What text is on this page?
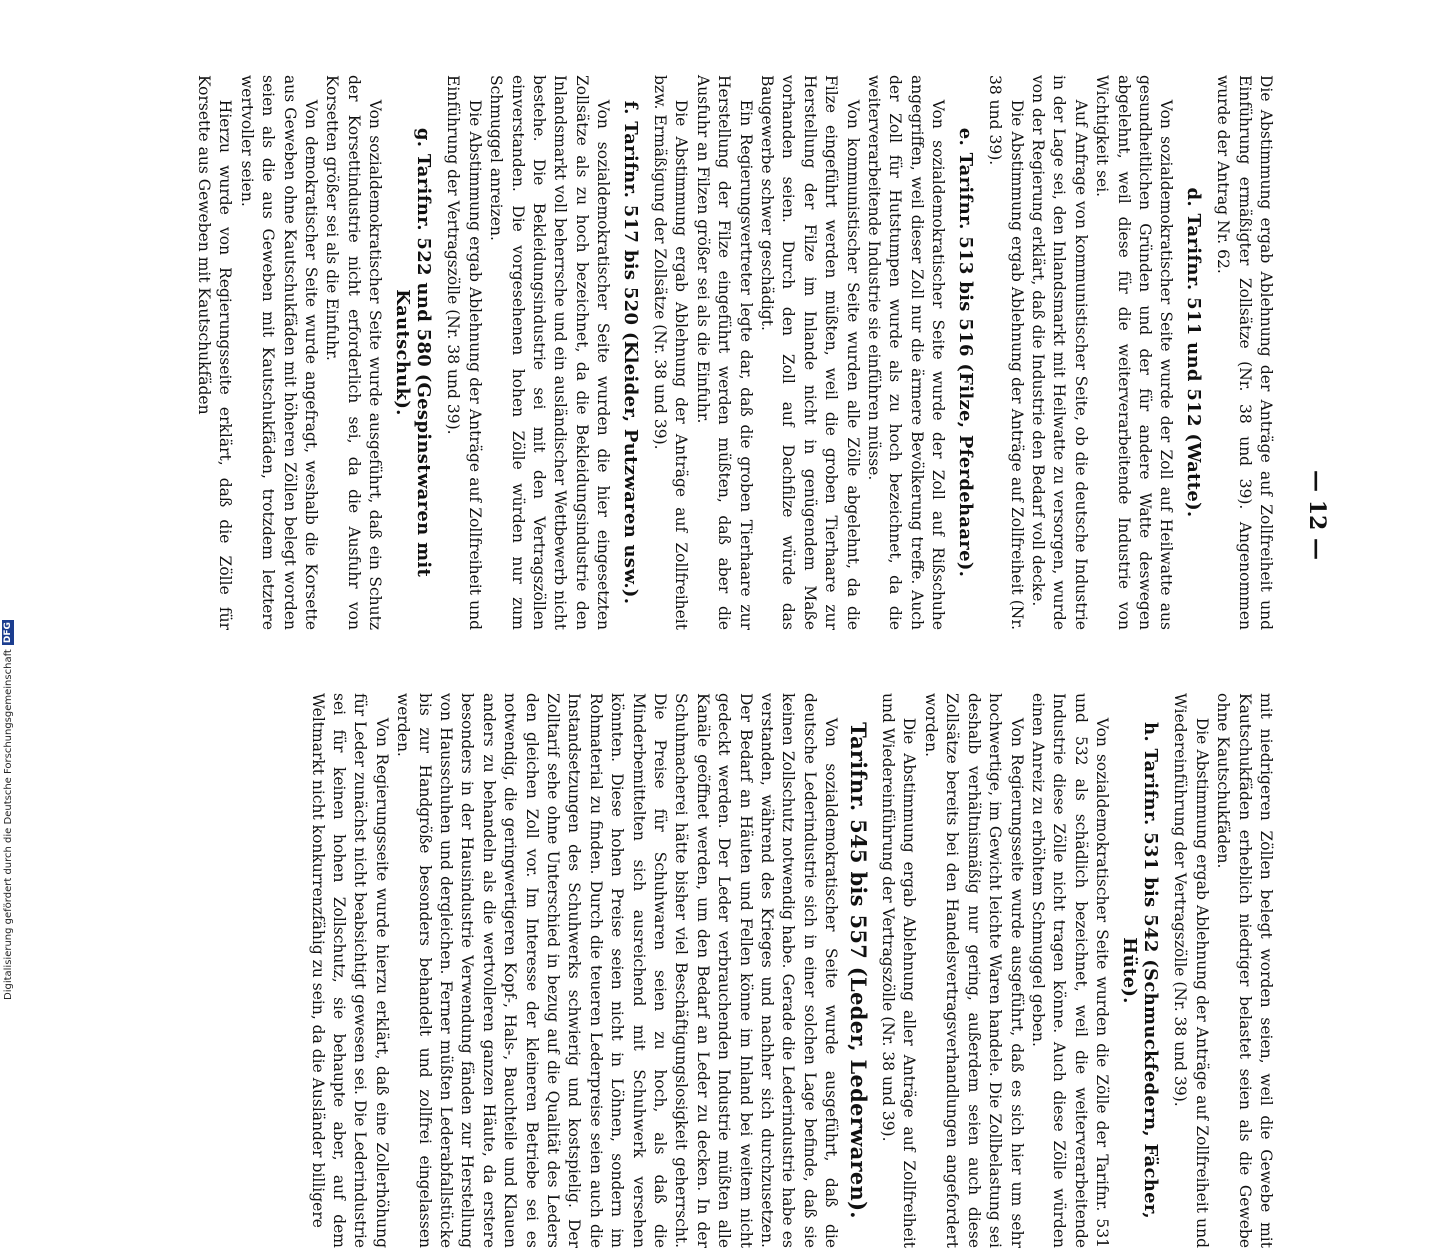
— 12 —

Die Abstimmung ergab Ablehnung der Anträge auf Zollfreiheit und Einführung ermäßigter Zollsätze (Nr. 38 und 39). Angenommen wurde der Antrag Nr. 62.

d. Tarifnr. 511 und 512 (Watte).

Von sozialdemokratischer Seite wurde der Zoll auf Heilwatte aus gesundheitlichen Gründen und der für andere Watte deswegen abgelehnt, weil diese für die weiterverarbeitende Industrie von Wichtigkeit sei.

Auf Anfrage von kommunistischer Seite, ob die deutsche Industrie in der Lage sei, den Inlandsmarkt mit Heilwatte zu versorgen, wurde von der Regierung erklärt, daß die Industrie den Bedarf voll decke.

Die Abstimmung ergab Ablehnung der Anträge auf Zollfreiheit (Nr. 38 und 39).

e. Tarifnr. 513 bis 516 (Filze, Pferdehaare).

Von sozialdemokratischer Seite wurde der Zoll auf Rißschuhe angegriffen, weil dieser Zoll nur die ärmere Bevölkerung treffe. Auch der Zoll für Hutstumpen wurde als zu hoch bezeichnet, da die weiterverarbeitende Industrie sie einführen müsse.

Von kommunistischer Seite wurden alle Zölle abgelehnt, da die Filze eingeführt werden müßten, weil die groben Tierhaare zur Herstellung der Filze im Inlande nicht in genügendem Maße vorhanden seien. Durch den Zoll auf Dachfilze würde das Baugewerbe schwer geschädigt.

Ein Regierungsvertreter legte dar, daß die groben Tierhaare zur Herstellung der Filze eingeführt werden müßten, daß aber die Ausfuhr an Filzen größer sei als die Einfuhr.

Die Abstimmung ergab Ablehnung der Anträge auf Zollfreiheit bzw. Ermäßigung der Zollsätze (Nr. 38 und 39).

f. Tarifnr. 517 bis 520 (Kleider, Putzwaren usw.).

Von sozialdemokratischer Seite wurden die hier eingesetzten Zollsätze als zu hoch bezeichnet, da die Bekleidungsindustrie den Inlandsmarkt voll beherrsche und ein ausländischer Wettbewerb nicht bestehe. Die Bekleidungsindustrie sei mit den Vertragszöllen einverstanden. Die vorgesehenen hohen Zölle würden nur zum Schmuggel anreizen.

Die Abstimmung ergab Ablehnung der Anträge auf Zollfreiheit und Einführung der Vertragszölle (Nr. 38 und 39).

g. Tarifnr. 522 und 580 (Gespinstwaren mit Kautschuk).

Von sozialdemokratischer Seite wurde ausgeführt, daß ein Schutz der Korsettindustrie nicht erforderlich sei, da die Ausfuhr von Korsetten größer sei als die Einfuhr.

Von demokratischer Seite wurde angefragt, weshalb die Korsette aus Geweben ohne Kautschukfäden mit höheren Zöllen belegt worden seien als die aus Geweben mit Kautschukfäden, trotzdem letztere wertvoller seien.

Hierzu wurde von Regierungsseite erklärt, daß die Zölle für Korsette aus Geweben mit Kautschukfäden

mit niedrigeren Zöllen belegt worden seien, weil die Gewebe mit Kautschukfäden erheblich niedriger belastet seien als die Gewebe ohne Kautschukfäden.

Die Abstimmung ergab Ablehnung der Anträge auf Zollfreiheit und Wiedereinführung der Vertragszölle (Nr. 38 und 39).

h. Tarifnr. 531 bis 542 (Schmuckfedern, Fächer, Hüte).

Von sozialdemokratischer Seite wurden die Zölle der Tarifnr. 531 und 532 als schädlich bezeichnet, weil die weiterverarbeitende Industrie diese Zölle nicht tragen könne. Auch diese Zölle würden einen Anreiz zu erhöhtem Schmuggel geben.

Von Regierungsseite wurde ausgeführt, daß es sich hier um sehr hochwertige, im Gewicht leichte Waren handele. Die Zollbelastung sei deshalb verhältnismäßig nur gering, außerdem seien auch diese Zollsätze bereits bei den Handelsvertragsverhandlungen angefordert worden.

Die Abstimmung ergab Ablehnung aller Anträge auf Zollfreiheit und Wiedereinführung der Vertragszölle (Nr. 38 und 39).

Tarifnr. 545 bis 557 (Leder, Lederwaren).

Von sozialdemokratischer Seite wurde ausgeführt, daß die deutsche Lederindustrie sich in einer solchen Lage befinde, daß sie keinen Zollschutz notwendig habe. Gerade die Lederindustrie habe es verstanden, während des Krieges und nachher sich durchzusetzen. Der Bedarf an Häuten und Fellen könne im Inland bei weitem nicht gedeckt werden. Der Leder verbrauchenden Industrie müßten alle Kanäle geöffnet werden, um den Bedarf an Leder zu decken. In der Schuhmacherei hätte bisher viel Beschäftigungslosigkeit geherrscht. Die Preise für Schuhwaren seien zu hoch, als daß die Minderbemittelten sich ausreichend mit Schuhwerk versehen könnten. Diese hohen Preise seien nicht in Löhnen, sondern im Rohmaterial zu finden. Durch die teueren Lederpreise seien auch die Instandsetzungen des Schuhwerks schwierig und kostspielig. Der Zolltarif sehe ohne Unterschied in bezug auf die Qualität des Leders den gleichen Zoll vor. Im Interesse der kleineren Betriebe sei es notwendig, die geringwertigeren Kopf-, Hals-, Bauchteile und Klauen anders zu behandeln als die wertvolleren ganzen Häute, da erstere besonders in der Hausindustrie Verwendung fänden zur Herstellung von Hausschuhen und dergleichen. Ferner müßten Lederabfallstücke bis zur Handgröße besonders behandelt und zollfrei eingelassen werden.

Von Regierungsseite wurde hierzu erklärt, daß eine Zollerhöhung für Leder zunächst nicht beabsichtigt gewesen sei. Die Lederindustrie sei für keinen hohen Zollschutz, sie behaupte aber, auf dem Weltmarkt nicht konkurrenzfähig zu sein, da die Ausländer billigere

Digitalisierung gefördert durch die Deutsche Forschungsgemeinschaft
DFG
